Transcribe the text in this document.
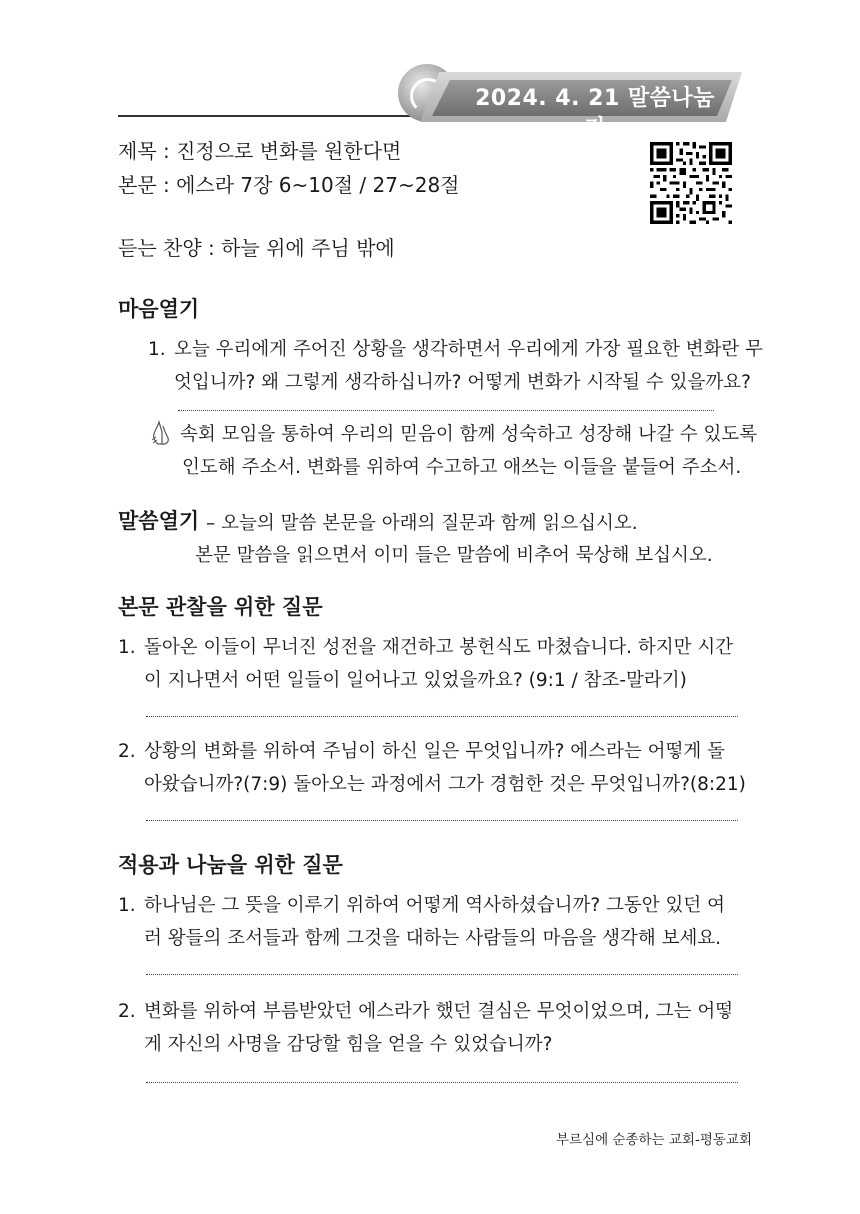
2024. 4. 21 말씀나눔지
제목 : 진정으로 변화를 원한다면
본문 : 에스라 7장 6~10절 / 27~28절
듣는 찬양 : 하늘 위에 주님 밖에
마음열기
1. 오늘 우리에게 주어진 상황을 생각하면서 우리에게 가장 필요한 변화란 무
엇입니까? 왜 그렇게 생각하십니까? 어떻게 변화가 시작될 수 있을까요?
속회 모임을 통하여 우리의 믿음이 함께 성숙하고 성장해 나갈 수 있도록
인도해 주소서. 변화를 위하여 수고하고 애쓰는 이들을 붙들어 주소서.
말씀열기 – 오늘의 말씀 본문을 아래의 질문과 함께 읽으십시오.
본문 말씀을 읽으면서 이미 들은 말씀에 비추어 묵상해 보십시오.
본문 관찰을 위한 질문
1. 돌아온 이들이 무너진 성전을 재건하고 봉헌식도 마쳤습니다. 하지만 시간
이 지나면서 어떤 일들이 일어나고 있었을까요? (9:1 / 참조-말라기)
2. 상황의 변화를 위하여 주님이 하신 일은 무엇입니까? 에스라는 어떻게 돌
아왔습니까?(7:9) 돌아오는 과정에서 그가 경험한 것은 무엇입니까?(8:21)
적용과 나눔을 위한 질문
1. 하나님은 그 뜻을 이루기 위하여 어떻게 역사하셨습니까? 그동안 있던 여
러 왕들의 조서들과 함께 그것을 대하는 사람들의 마음을 생각해 보세요.
2. 변화를 위하여 부름받았던 에스라가 했던 결심은 무엇이었으며, 그는 어떻
게 자신의 사명을 감당할 힘을 얻을 수 있었습니까?
부르심에 순종하는 교회-평동교회
